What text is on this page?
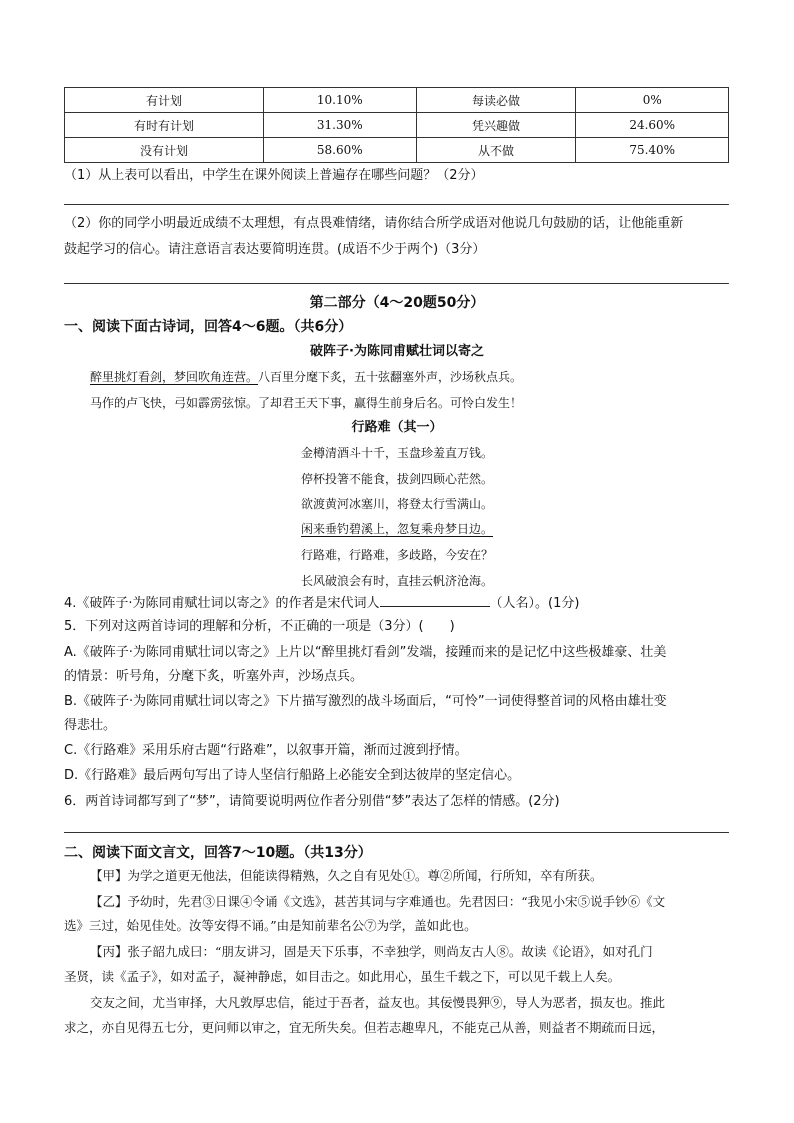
有计划	10.10%	每读必做	0%
有时有计划	31.30%	凭兴趣做	24.60%
没有计划	58.60%	从不做	75.40%
（1）从上表可以看出，中学生在课外阅读上普遍存在哪些问题？（2分）
（2）你的同学小明最近成绩不太理想，有点畏难情绪，请你结合所学成语对他说几句鼓励的话，让他能重新
鼓起学习的信心。请注意语言表达要简明连贯。(成语不少于两个)（3分）
第二部分（4～20题50分）
一、阅读下面古诗词，回答4～6题。（共6分）
破阵子·为陈同甫赋壮词以寄之
醉里挑灯看剑，梦回吹角连营。八百里分麾下炙，五十弦翻塞外声，沙场秋点兵。
马作的卢飞快，弓如霹雳弦惊。了却君王天下事，赢得生前身后名。可怜白发生！
行路难（其一）
金樽清酒斗十千，玉盘珍羞直万钱。
停杯投箸不能食，拔剑四顾心茫然。
欲渡黄河冰塞川，将登太行雪满山。
闲来垂钓碧溪上，忽复乘舟梦日边。
行路难，行路难，多歧路，今安在？
长风破浪会有时，直挂云帆济沧海。
4.《破阵子·为陈同甫赋壮词以寄之》的作者是宋代词人	（人名）。(1分)
5．下列对这两首诗词的理解和分析，不正确的一项是（3分）(　　)
A.《破阵子·为陈同甫赋壮词以寄之》上片以“醉里挑灯看剑”发端，接踵而来的是记忆中这些极雄豪、壮美
的情景：听号角，分麾下炙，听塞外声，沙场点兵。
B.《破阵子·为陈同甫赋壮词以寄之》下片描写激烈的战斗场面后，“可怜”一词使得整首词的风格由雄壮变
得悲壮。
C.《行路难》采用乐府古题“行路难”，以叙事开篇，渐而过渡到抒情。
D.《行路难》最后两句写出了诗人坚信行船路上必能安全到达彼岸的坚定信心。
6．两首诗词都写到了“梦”，请简要说明两位作者分别借“梦”表达了怎样的情感。(2分)
二、阅读下面文言文，回答7～10题。（共13分）
【甲】为学之道更无他法，但能读得精熟，久之自有见处①。尊②所闻，行所知，卒有所获。
【乙】予幼时，先君③日课④令诵《文选》，甚苦其词与字难通也。先君因曰：“我见小宋⑤说手钞⑥《文
选》三过，始见佳处。汝等安得不诵。”由是知前辈名公⑦为学，盖如此也。
【丙】张子韶九成曰：“朋友讲习，固是天下乐事，不幸独学，则尚友古人⑧。故读《论语》，如对孔门
圣贤，读《孟子》，如对孟子，凝神静虑，如目击之。如此用心，虽生千载之下，可以见千载上人矣。
交友之间，尤当审择，大凡敦厚忠信，能过于吾者，益友也。其佞慢畏狎⑨，导人为恶者，损友也。推此
求之，亦自见得五七分，更问师以审之，宜无所失矣。但若志趣卑凡，不能克己从善，则益者不期疏而日远，
